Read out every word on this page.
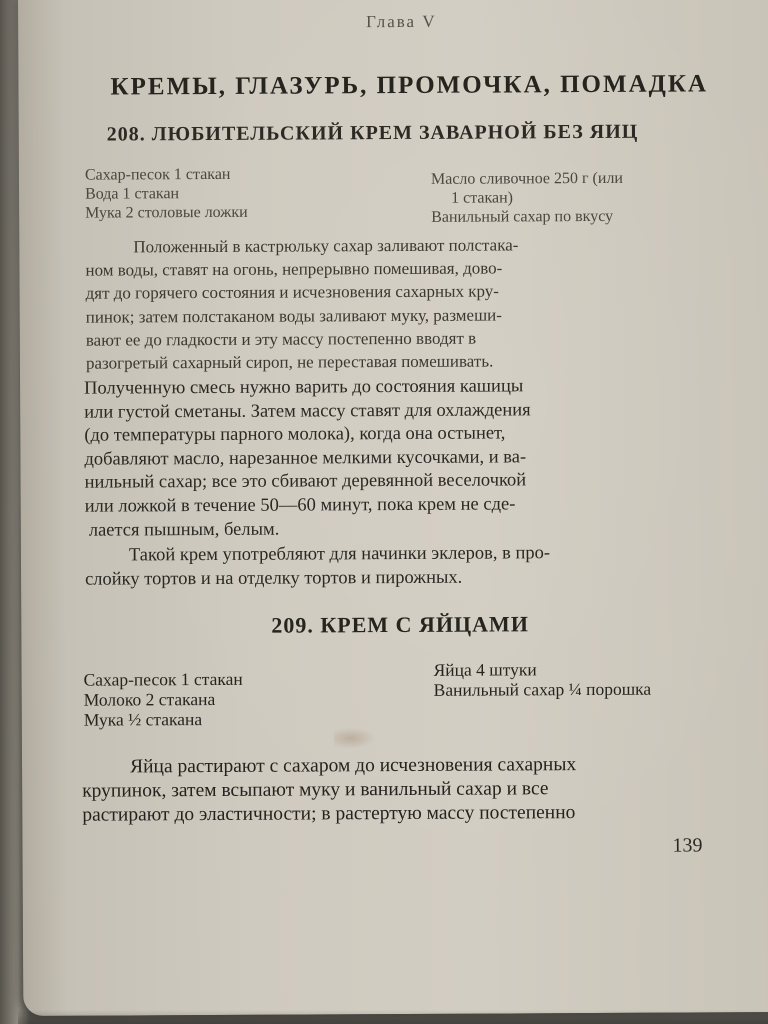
Глава V
КРЕМЫ, ГЛАЗУРЬ, ПРОМОЧКА, ПОМАДКА
208. ЛЮБИТЕЛЬСКИЙ КРЕМ ЗАВАРНОЙ БЕЗ ЯИЦ
Сахар-песок 1 стакан
Вода 1 стакан
Мука 2 столовые ложки
Масло сливочное 250 г (или
1 стакан)
Ванильный сахар по вкусу
Положенный в кастрюльку сахар заливают полстака-
ном воды, ставят на огонь, непрерывно помешивая, дово-
дят до горячего состояния и исчезновения сахарных кру-
пинок; затем полстаканом воды заливают муку, размеши-
вают ее до гладкости и эту массу постепенно вводят в
разогретый сахарный сироп, не переставая помешивать.
Полученную смесь нужно варить до состояния кашицы
или густой сметаны. Затем массу ставят для охлаждения
(до температуры парного молока), когда она остынет,
добавляют масло, нарезанное мелкими кусочками, и ва-
нильный сахар; все это сбивают деревянной веселочкой
или ложкой в течение 50—60 минут, пока крем не сде-
лается пышным, белым.
Такой крем употребляют для начинки эклеров, в про-
слойку тортов и на отделку тортов и пирожных.
209. КРЕМ С ЯЙЦАМИ
Сахар-песок 1 стакан
Молоко 2 стакана
Мука ½ стакана
Яйца 4 штуки
Ванильный сахар ¼ порошка
Яйца растирают с сахаром до исчезновения сахарных
крупинок, затем всыпают муку и ванильный сахар и все
растирают до эластичности; в растертую массу постепенно
139
